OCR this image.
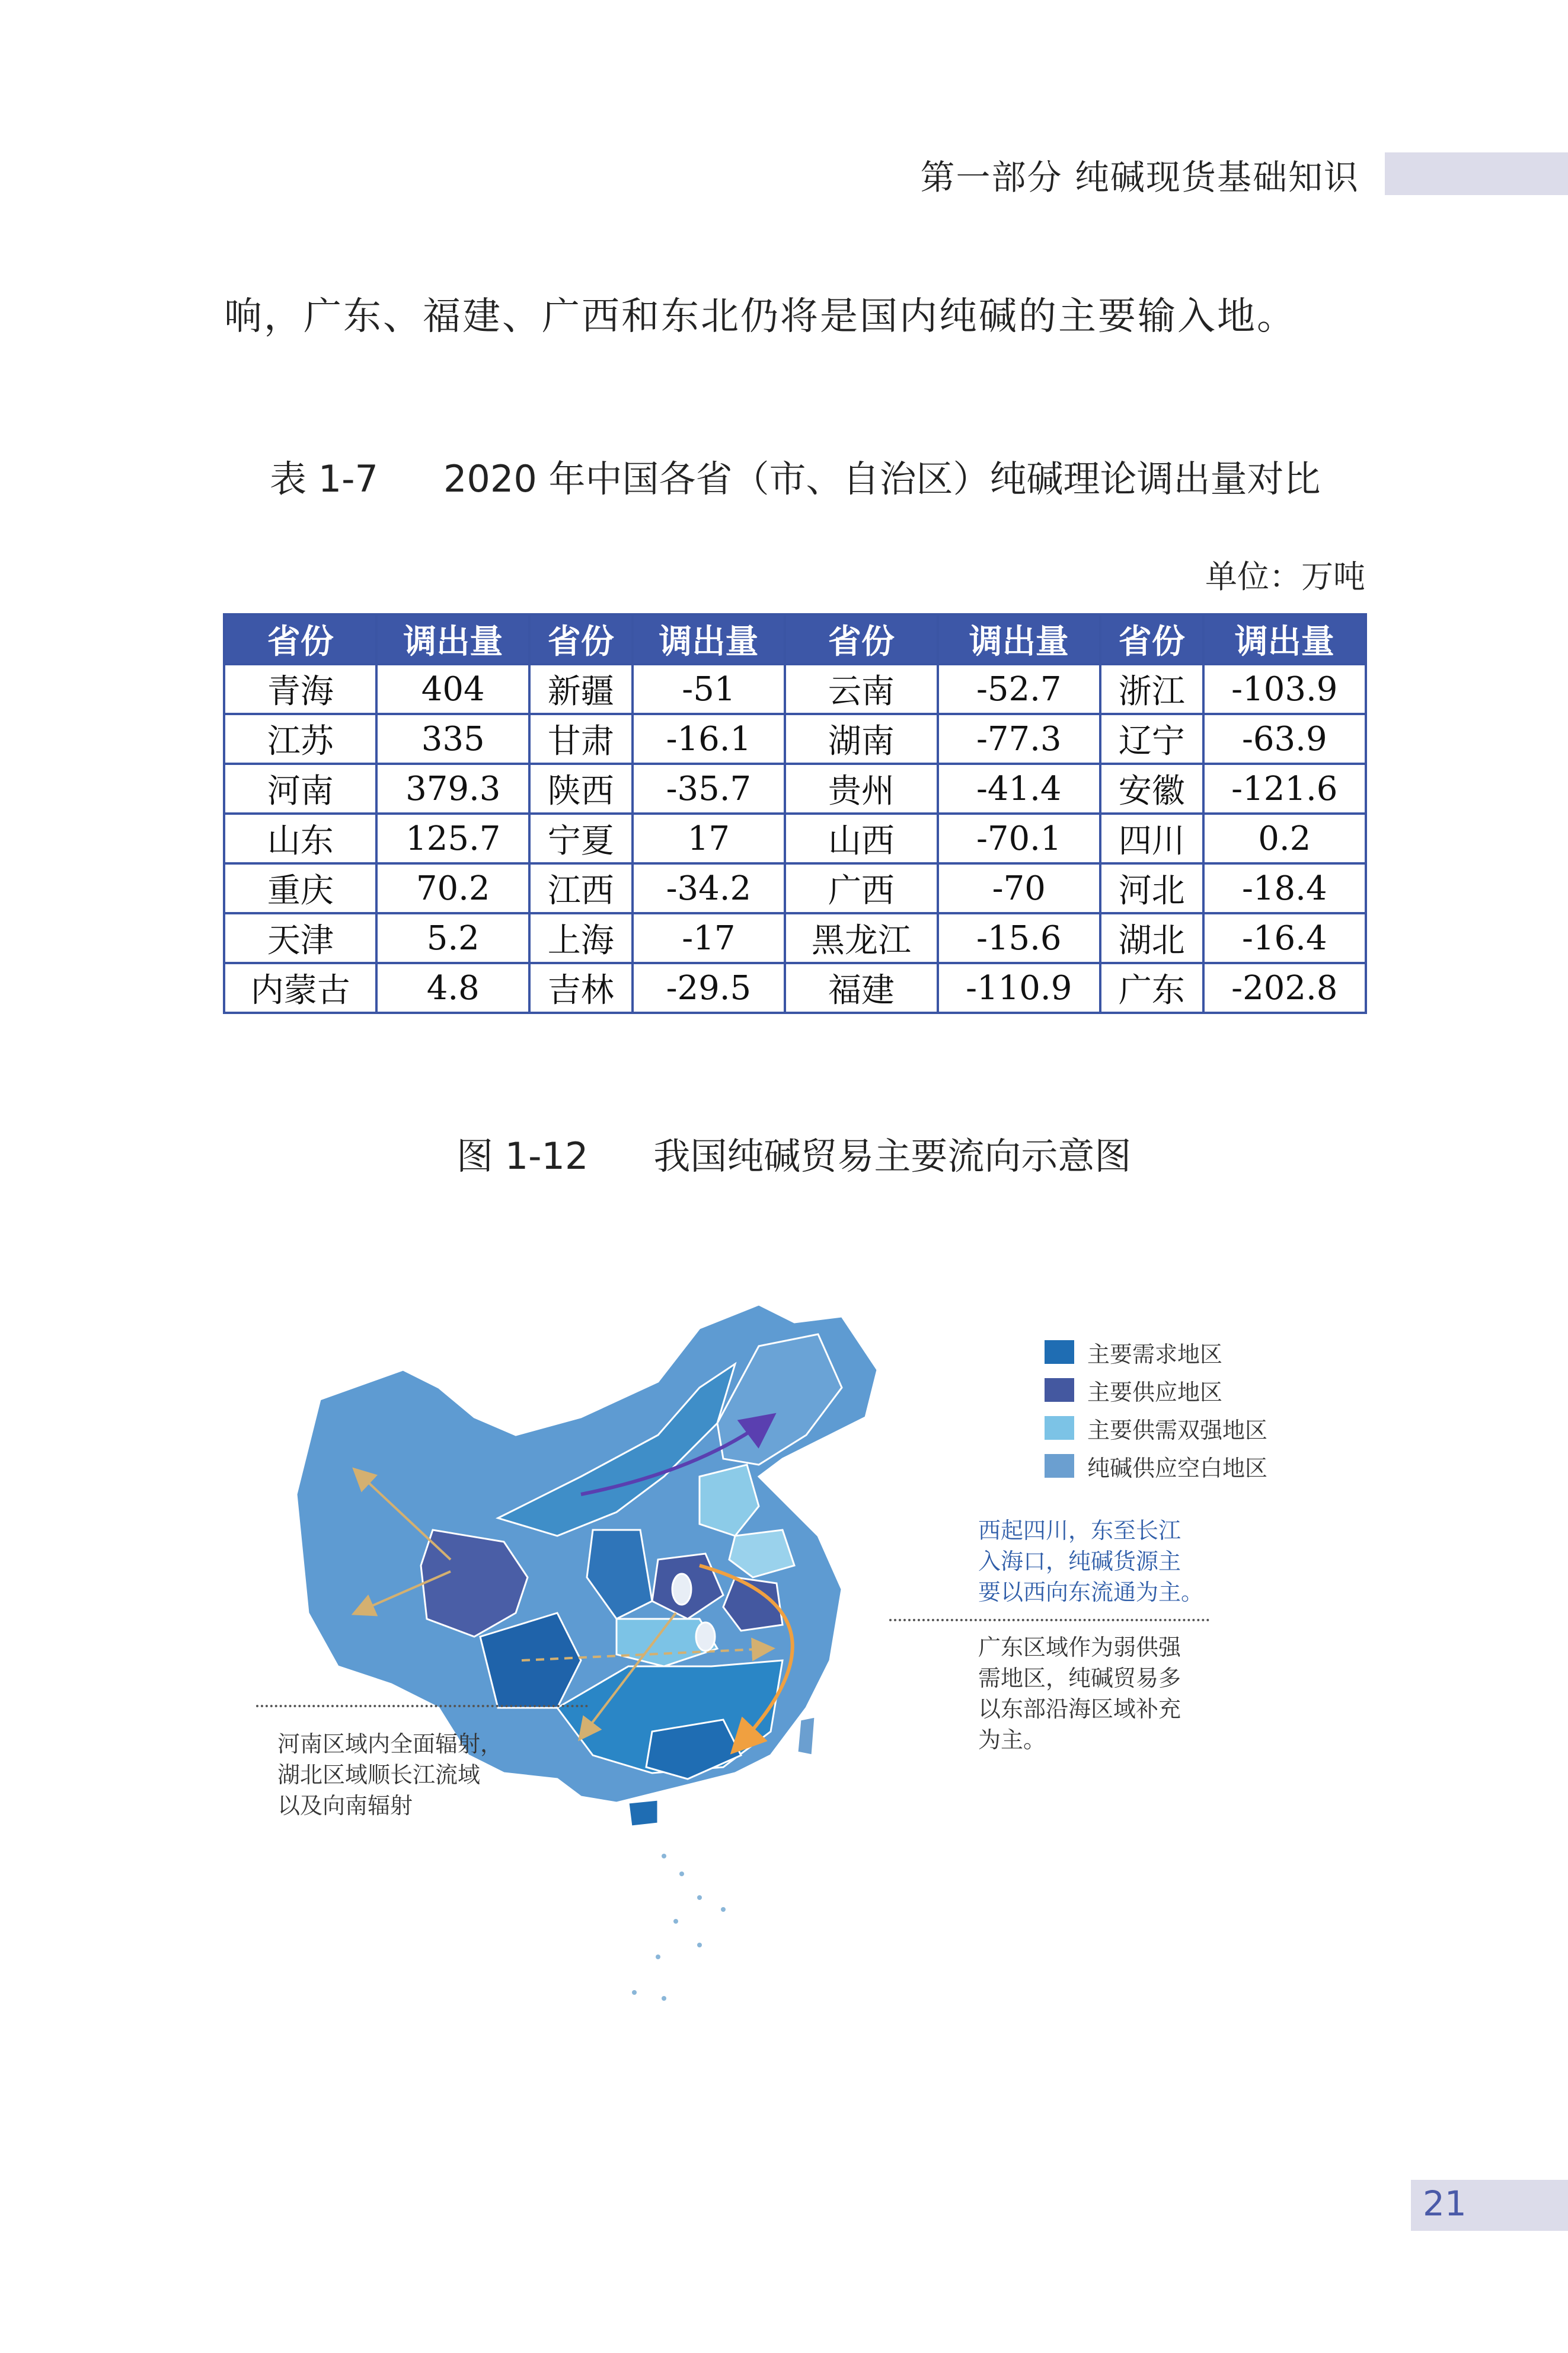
第一部分 纯碱现货基础知识
响，广东、福建、广西和东北仍将是国内纯碱的主要输入地。
表 1-7 2020 年中国各省（市、自治区）纯碱理论调出量对比
单位：万吨
省份	调出量	省份	调出量	省份	调出量	省份	调出量
青海	404	新疆	-51	云南	-52.7	浙江	-103.9
江苏	335	甘肃	-16.1	湖南	-77.3	辽宁	-63.9
河南	379.3	陕西	-35.7	贵州	-41.4	安徽	-121.6
山东	125.7	宁夏	17	山西	-70.1	四川	0.2
重庆	70.2	江西	-34.2	广西	-70	河北	-18.4
天津	5.2	上海	-17	黑龙江	-15.6	湖北	-16.4
内蒙古	4.8	吉林	-29.5	福建	-110.9	广东	-202.8
图 1-12 我国纯碱贸易主要流向示意图
主要需求地区
主要供应地区
主要供需双强地区
纯碱供应空白地区
西起四川，东至长江
入海口，纯碱货源主
要以西向东流通为主。
广东区域作为弱供强
需地区，纯碱贸易多
以东部沿海区域补充
为主。
河南区域内全面辐射，
湖北区域顺长江流域
以及向南辐射
21
